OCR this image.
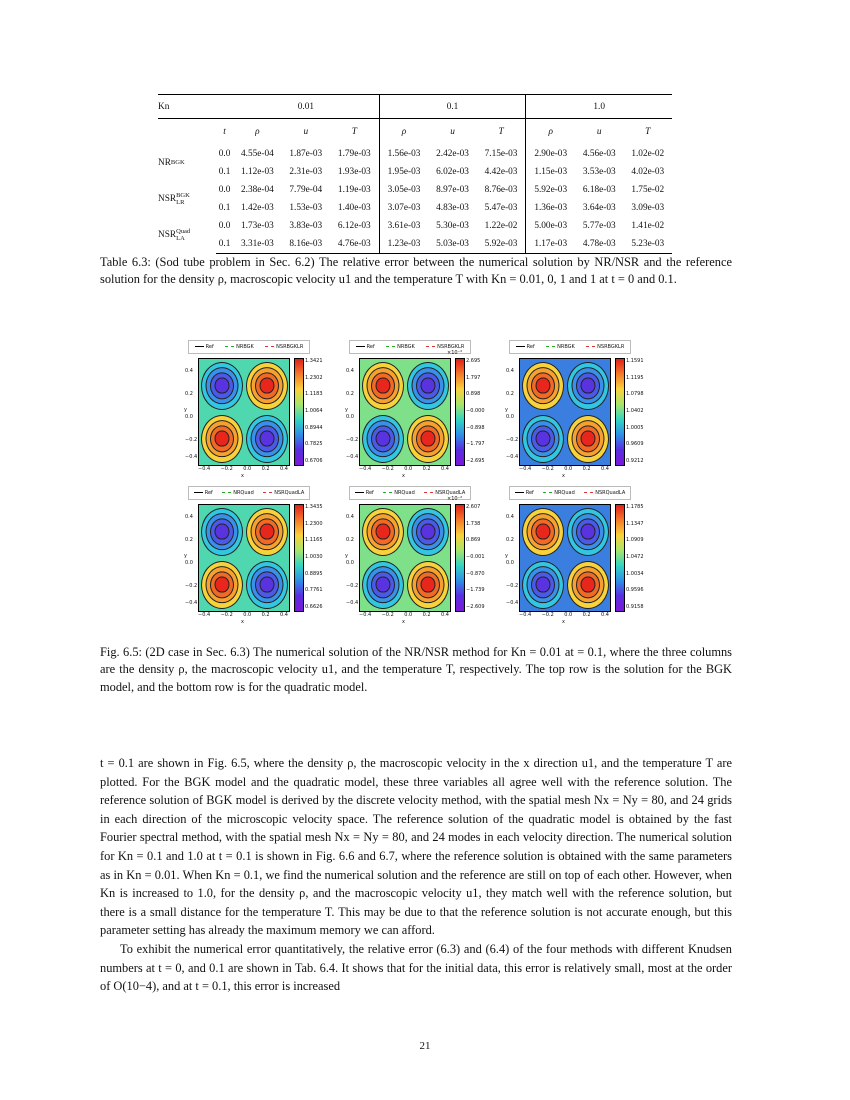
Kn		0.01			0.1			1.0		
	t	ρ	u	T	ρ	u	T	ρ	u	T
NR BGK	0.0	4.55e-04	1.87e-03	1.79e-03	1.56e-03	2.42e-03	7.15e-03	2.90e-03	4.56e-03	1.02e-02
	0.1	1.12e-03	2.31e-03	1.93e-03	1.95e-03	6.02e-03	4.42e-03	1.15e-03	3.53e-03	4.02e-03
NSR BGK
LR	0.0	2.38e-04	7.79e-04	1.19e-03	3.05e-03	8.97e-03	8.76e-03	5.92e-03	6.18e-03	1.75e-02
	0.1	1.42e-03	1.53e-03	1.40e-03	3.07e-03	4.83e-03	5.47e-03	1.36e-03	3.64e-03	3.09e-03
NSR Quad
LA	0.0	1.73e-03	3.83e-03	6.12e-03	3.61e-03	5.30e-03	1.22e-02	5.00e-03	5.77e-03	1.41e-02
	0.1	3.31e-03	8.16e-03	4.76e-03	1.23e-03	5.03e-03	5.92e-03	1.17e-03	4.78e-03	5.23e-03
Table 6.3: (Sod tube problem in Sec. 6.2) The relative error between the numerical solution by NR/NSR and the reference solution for the density ρ, macroscopic velocity u1 and the temperature T with Kn = 0.01, 0, 1 and 1 at t = 0 and 0.1.
Ref	NRBGK	NSRBGKLR
1.3421
1.2302
1.1183
1.0064
0.8944
0.7825
0.6706
0.4
0.2
0.0
−0.2
−0.4
−0.4 −0.2 0.0 0.2 0.4
x
y
Ref	NRBGK	NSRBGKLR
2.695
1.797
0.898
−0.000
−0.898
−1.797
−2.695
×10⁻²
0.4
0.2
0.0
−0.2
−0.4
−0.4 −0.2 0.0 0.2 0.4
x
y
Ref	NRBGK	NSRBGKLR
1.1591
1.1195
1.0798
1.0402
1.0005
0.9609
0.9212
0.4
0.2
0.0
−0.2
−0.4
−0.4 −0.2 0.0 0.2 0.4
x
y
Ref	NRQuad	NSRQuadLA
1.3435
1.2300
1.1165
1.0030
0.8895
0.7761
0.6626
0.4
0.2
0.0
−0.2
−0.4
−0.4 −0.2 0.0 0.2 0.4
x
y
Ref	NRQuad	NSRQuadLA
2.607
1.738
0.869
−0.001
−0.870
−1.739
−2.609
×10⁻²
0.4
0.2
0.0
−0.2
−0.4
−0.4 −0.2 0.0 0.2 0.4
x
y
Ref	NRQuad	NSRQuadLA
1.1785
1.1347
1.0909
1.0472
1.0034
0.9596
0.9158
0.4
0.2
0.0
−0.2
−0.4
−0.4 −0.2 0.0 0.2 0.4
x
y
Fig. 6.5: (2D case in Sec. 6.3) The numerical solution of the NR/NSR method for Kn = 0.01 at = 0.1, where the three columns are the density ρ, the macroscopic velocity u1, and the temperature T, respectively. The top row is the solution for the BGK model, and the bottom row is for the quadratic model.

t = 0.1 are shown in Fig. 6.5, where the density ρ, the macroscopic velocity in the x direction u1, and the temperature T are plotted. For the BGK model and the quadratic model, these three variables all agree well with the reference solution. The reference solution of BGK model is derived by the discrete velocity method, with the spatial mesh Nx = Ny = 80, and 24 grids in each direction of the microscopic velocity space. The reference solution of the quadratic model is obtained by the fast Fourier spectral method, with the spatial mesh Nx = Ny = 80, and 24 modes in each velocity direction. The numerical solution for Kn = 0.1 and 1.0 at t = 0.1 is shown in Fig. 6.6 and 6.7, where the reference solution is obtained with the same parameters as in Kn = 0.01. When Kn = 0.1, we find the numerical solution and the reference are still on top of each other. However, when Kn is increased to 1.0, for the density ρ, and the macroscopic velocity u1, they match well with the reference solution, but there is a small distance for the temperature T. This may be due to that the reference solution is not accurate enough, but this parameter setting has already the maximum memory we can afford.

To exhibit the numerical error quantitatively, the relative error (6.3) and (6.4) of the four methods with different Knudsen numbers at t = 0, and 0.1 are shown in Tab. 6.4. It shows that for the initial data, this error is relatively small, most at the order of O(10−4), and at t = 0.1, this error is increased

21
